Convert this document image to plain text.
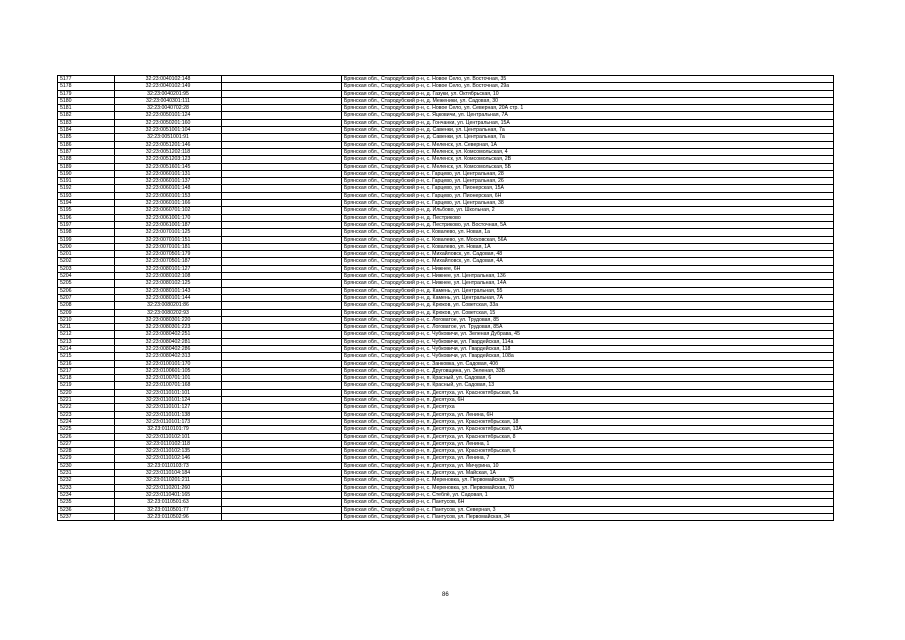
5177	32:23:0040102:148		Брянская обл., Стародубский р-н, с. Новое Село, ул. Восточная, 35
5178	32:23:0040102:149		Брянская обл., Стародубский р-н, с. Новое Село, ул. Восточная, 29а
5179	32:23:0040201:95		Брянская обл., Стародубский р-н, д. Газуки, ул. Октябрьская, 10
5180	32:23:0040301:111		Брянская обл., Стародубский р-н, д. Меженики, ул. Садовая, 30
5181	32:23:0040702:28		Брянская обл., Стародубский р-н, с. Новое Село, ул. Северная, 20А стр. 1
5182	32:23:0050101:124		Брянская обл., Стародубский р-н, с. Яцковичи, ул. Центральная, 7А
5183	32:23:0050201:160		Брянская обл., Стародубский р-н, д. Гончанки, ул. Центральная, 15А
5184	32:23:0051001:104		Брянская обл., Стародубский р-н, д. Савенки, ул. Центральная, 7а
5185	32:23:0051001:91		Брянская обл., Стародубский р-н, д. Савенки, ул. Центральная, 7а
5186	32:23:0051201:146		Брянская обл., Стародубский р-н, с. Меленск, ул. Северная, 1А
5187	32:23:0051202:118		Брянская обл., Стародубский р-н, с. Меленск, ул. Комсомольская, 4
5188	32:23:0051203:123		Брянская обл., Стародубский р-н, с. Меленск, ул. Комсомольская, 2В
5189	32:23:0051601:145		Брянская обл., Стародубский р-н, с. Меленск, ул. Комсомольская, 5Б
5190	32:23:0060101:131		Брянская обл., Стародубский р-н, с. Гарцево, ул. Центральная, 28
5191	32:23:0060101:137		Брянская обл., Стародубский р-н, с. Гарцево, ул. Центральная, 26
5192	32:23:0060101:148		Брянская обл., Стародубский р-н, с. Гарцево, ул. Пионерская, 15А
5193	32:23:0060101:153		Брянская обл., Стародубский р-н, с. Гарцево, ул. Пионерская, 6Н
5194	32:23:0060101:166		Брянская обл., Стародубский р-н, с. Гарцево, ул. Центральная, 38
5195	32:23:0060701:102		Брянская обл., Стародубский р-н, д. Ильбово, ул. Школьная, 2
5196	32:23:0061001:170		Брянская обл., Стародубский р-н, д. Пестриково
5197	32:23:0061001:187		Брянская обл., Стародубский р-н, д. Пестриково, ул. Восточная, 5А
5198	32:23:0070101:125		Брянская обл., Стародубский р-н, с. Ковалево, ул. Новая, 1а
5199	32:23:0070101:151		Брянская обл., Стародубский р-н, с. Ковалево, ул. Московская, 56А
5200	32:23:0070101:181		Брянская обл., Стародубский р-н, с. Ковалево, ул. Новая, 1А
5201	32:23:0070501:179		Брянская обл., Стародубский р-н, с. Михайловск, ул. Садовая, 48
5202	32:23:0070501:187		Брянская обл., Стародубский р-н, с. Михайловск, ул. Садовая, 4А
5203	32:23:0080101:127		Брянская обл., Стародубский р-н, с. Нижнее, 6Н
5204	32:23:0080102:108		Брянская обл., Стародубский р-н, с. Нижнее, ул. Центральная, 136
5205	32:23:0080102:125		Брянская обл., Стародубский р-н, с. Нижнее, ул. Центральная, 14А
5206	32:23:0080101:143		Брянская обл., Стародубский р-н, д. Камень, ул. Центральная, 55
5207	32:23:0080101:144		Брянская обл., Стародубский р-н, д. Камень, ул. Центральная, 7А
5208	32:23:0080201:86		Брянская обл., Стародубский р-н, д. Крюков, ул. Советская, 33а
5209	32:23:0080202:93		Брянская обл., Стародубский р-н, д. Крюков, ул. Советская, 15
5210	32:23:0080301:220		Брянская обл., Стародубский р-н, с. Логоватое, ул. Трудовая, 85
5211	32:23:0080301:223		Брянская обл., Стародубский р-н, с. Логоватое, ул. Трудовая, 85А
5212	32:23:0080402:251		Брянская обл., Стародубский р-н, с. Чубковичи, ул. Зеленая Дубрава, 45
5213	32:23:0080402:281		Брянская обл., Стародубский р-н, с. Чубковичи, ул. Гвардейская, 114а
5214	32:23:0080402:286		Брянская обл., Стародубский р-н, с. Чубковичи, ул. Гвардейская, 118
5215	32:23:0080402:313		Брянская обл., Стародубский р-н, с. Чубковичи, ул. Гвардейская, 108а
5216	32:23:0100101:170		Брянская обл., Стародубский р-н, с. Занковка, ул. Садовая, 40б
5217	32:23:0100601:105		Брянская обл., Стародубский р-н, с. Друговщина, ул. Зеленая, 33Б
5218	32:23:0100701:101		Брянская обл., Стародубский р-н, п. Красный, ул. Садовая, 6
5219	32:23:0100701:168		Брянская обл., Стародубский р-н, п. Красный, ул. Садовая, 13
5220	32:23:0110101:101		Брянская обл., Стародубский р-н, п. Десятуха, ул. Красноктябрьская, 5а
5221	32:23:0110101:124		Брянская обл., Стародубский р-н, п. Десятуха, 6Н
5222	32:23:0110101:127		Брянская обл., Стародубский р-н, п. Десятуха
5223	32:23:0110101:138		Брянская обл., Стародубский р-н, п. Десятуха, ул. Ленина, 6Н
5224	32:23:0110101:173		Брянская обл., Стародубский р-н, п. Десятуха, ул. Красноктябрьская, 18
5225	32:23:0110101:79		Брянская обл., Стародубский р-н, п. Десятуха, ул. Красноктябрьская, 13А
5226	32:23:0110102:101		Брянская обл., Стародубский р-н, п. Десятуха, ул. Красноктябрьская, 8
5227	32:23:0110102:118		Брянская обл., Стародубский р-н, п. Десятуха, ул. Ленина, 1
5228	32:23:0110102:135		Брянская обл., Стародубский р-н, п. Десятуха, ул. Красноктябрьская, 6
5229	32:23:0110102:146		Брянская обл., Стародубский р-н, п. Десятуха, ул. Ленина, 7
5230	32:23:0110103:73		Брянская обл., Стародубский р-н, п. Десятуха, ул. Мичурина, 10
5231	32:23:0110104:184		Брянская обл., Стародубский р-н, п. Десятуха, ул. Майская, 1А
5232	32:23:0110201:211		Брянская обл., Стародубский р-н, с. Мереновка, ул. Первомайская, 75
5233	32:23:0110201:260		Брянская обл., Стародубский р-н, с. Мереновка, ул. Первомайская, 70
5234	32:23:0110401:165		Брянская обл., Стародубский р-н, с. Стеблё, ул. Садовая, 1
5235	32:23:0110501:63		Брянская обл., Стародубский р-н, с. Пантусов, 6Н
5236	32:23:0110501:77		Брянская обл., Стародубский р-н, с. Пантусов, ул. Северная, 3
5237	32:23:0110502:96		Брянская обл., Стародубский р-н, с. Пантусов, ул. Первомайская, 34
86
